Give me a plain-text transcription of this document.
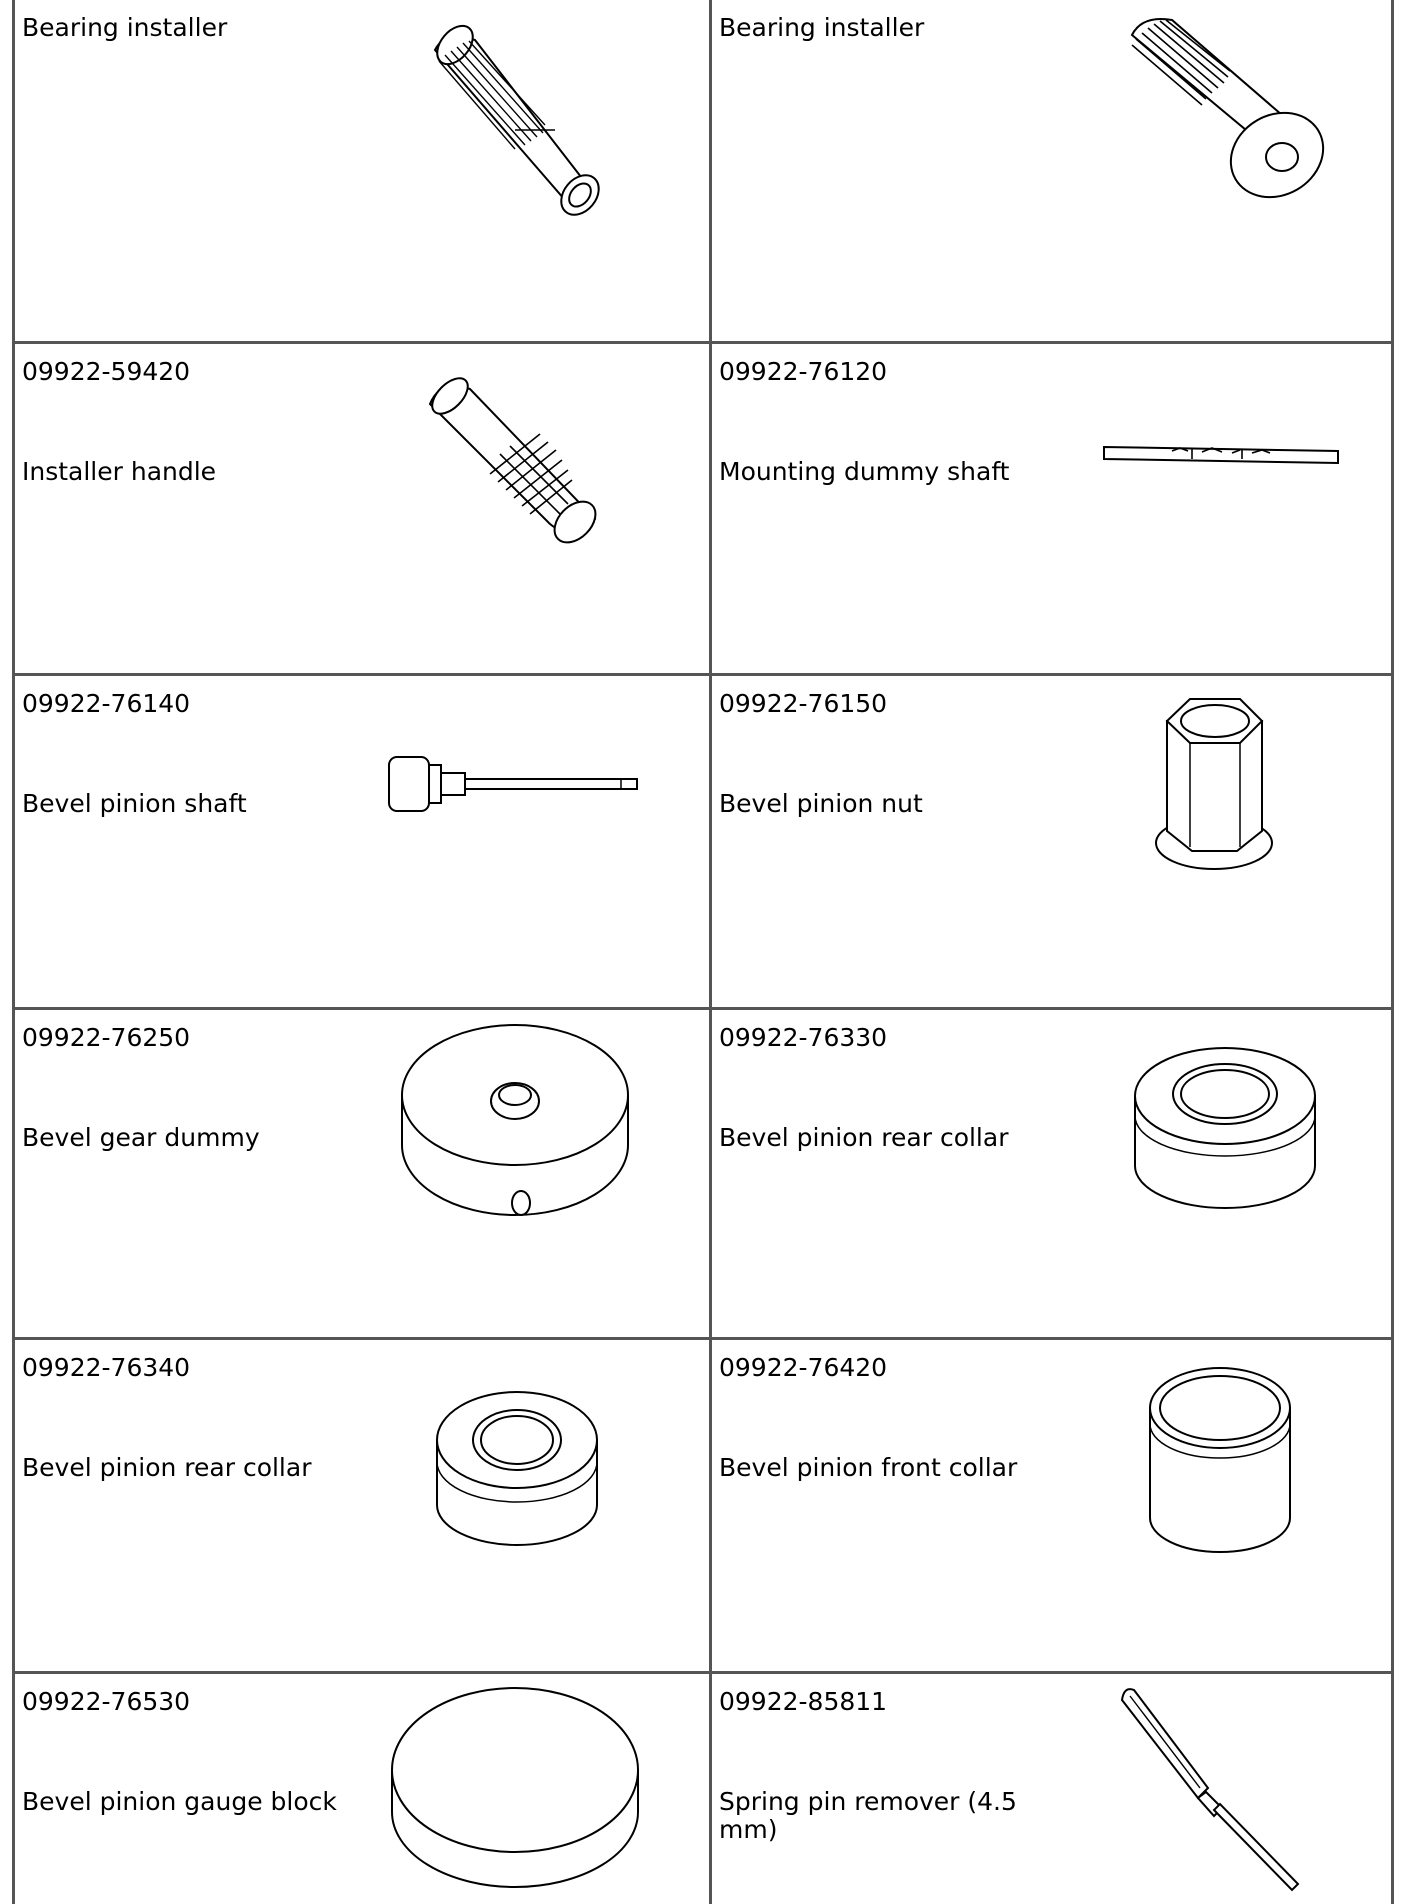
Bearing installer	Bearing installer
09922-59420
Installer handle
09922-76120
Mounting dummy shaft
09922-76140
Bevel pinion shaft
09922-76150
Bevel pinion nut
09922-76250
Bevel gear dummy
09922-76330
Bevel pinion rear collar
09922-76340
Bevel pinion rear collar
09922-76420
Bevel pinion front collar
09922-76530
Bevel pinion gauge block
09922-85811
Spring pin remover (4.5 mm)
